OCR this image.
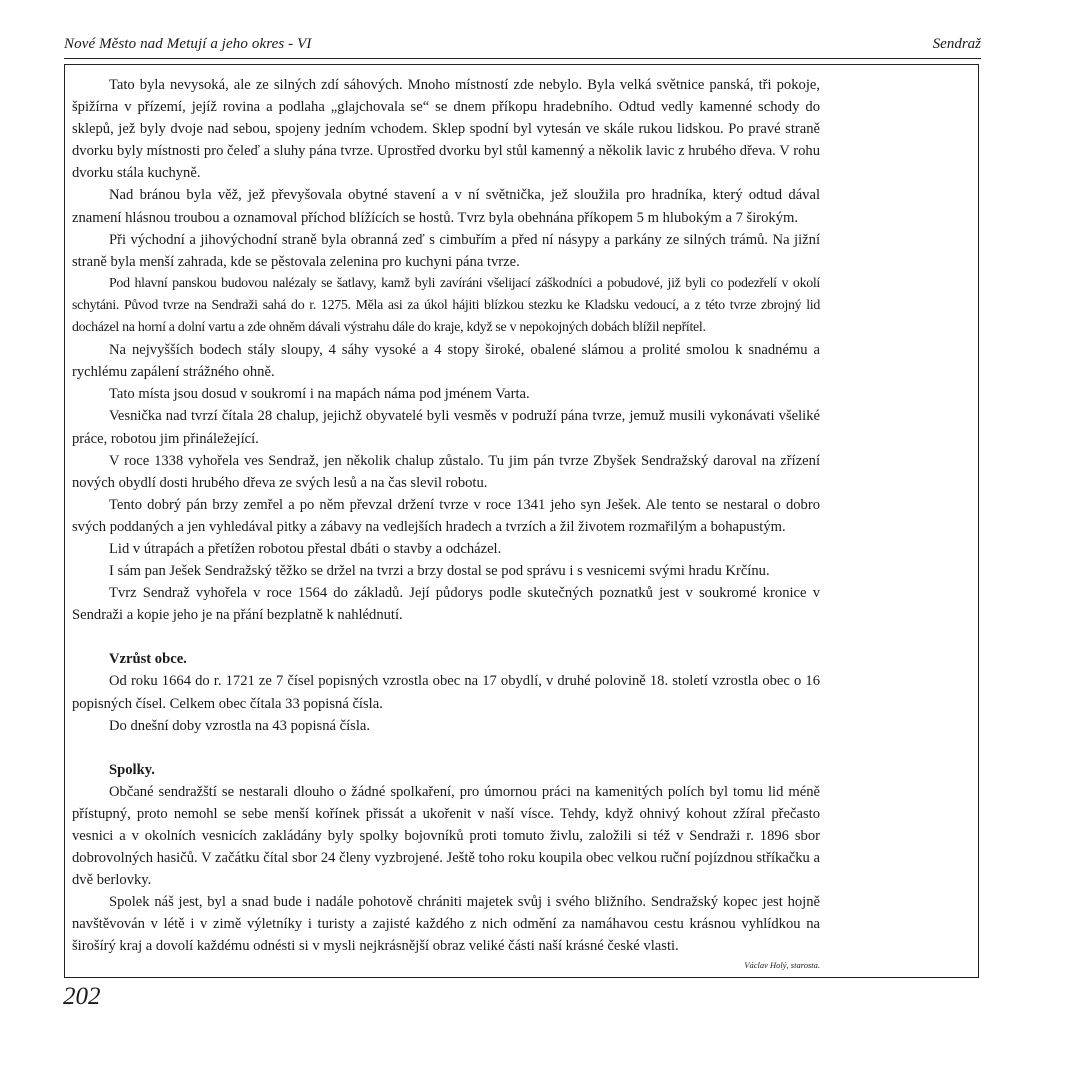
Nové Město nad Metují a jeho okres - VI	Sendraž

Tato byla nevysoká, ale ze silných zdí sáhových. Mnoho místností zde nebylo. Byla velká světnice panská, tři pokoje, špižírna v přízemí, jejíž rovina a podlaha „glajchovala se“ se dnem příkopu hradebního. Odtud vedly kamenné schody do sklepů, jež byly dvoje nad sebou, spojeny jedním vchodem. Sklep spodní byl vytesán ve skále rukou lidskou. Po pravé straně dvorku byly místnosti pro čeleď a sluhy pána tvrze. Uprostřed dvorku byl stůl kamenný a několik lavic z hrubého dřeva. V rohu dvorku stála kuchyně.

Nad bránou byla věž, jež převyšovala obytné stavení a v ní světnička, jež sloužila pro hradníka, který odtud dával znamení hlásnou troubou a oznamoval příchod blížících se hostů. Tvrz byla obehnána příkopem 5 m hlubokým a 7 širokým.

Při východní a jihovýchodní straně byla obranná zeď s cimbuřím a před ní násypy a parkány ze silných trámů. Na jižní straně byla menší zahrada, kde se pěstovala zelenina pro kuchyni pána tvrze.

Pod hlavní panskou budovou nalézaly se šatlavy, kamž byli zavíráni všelijací záškodníci a pobudové, již byli co podezřelí v okolí schytáni. Původ tvrze na Sendraži sahá do r. 1275. Měla asi za úkol hájiti blízkou stezku ke Kladsku vedoucí, a z této tvrze zbrojný lid docházel na horní a dolní vartu a zde ohněm dávali výstrahu dále do kraje, když se v nepokojných dobách blížil nepřítel.

Na nejvyšších bodech stály sloupy, 4 sáhy vysoké a 4 stopy široké, obalené slámou a prolité smolou k snadnému a rychlému zapálení strážného ohně.

Tato místa jsou dosud v soukromí i na mapách náma pod jménem Varta.

Vesnička nad tvrzí čítala 28 chalup, jejichž obyvatelé byli vesměs v podruží pána tvrze, jemuž musili vykonávati všeliké práce, robotou jim přináležející.

V roce 1338 vyhořela ves Sendraž, jen několik chalup zůstalo. Tu jim pán tvrze Zbyšek Sendražský daroval na zřízení nových obydlí dosti hrubého dřeva ze svých lesů a na čas slevil robotu.

Tento dobrý pán brzy zemřel a po něm převzal držení tvrze v roce 1341 jeho syn Ješek. Ale tento se nestaral o dobro svých poddaných a jen vyhledával pitky a zábavy na vedlejších hradech a tvrzích a žil životem rozmařilým a bohapustým.

Lid v útrapách a přetížen robotou přestal dbáti o stavby a odcházel.

I sám pan Ješek Sendražský těžko se držel na tvrzi a brzy dostal se pod správu i s vesnicemi svými hradu Krčínu.

Tvrz Sendraž vyhořela v roce 1564 do základů. Její půdorys podle skutečných poznatků jest v soukromé kronice v Sendraži a kopie jeho je na přání bezplatně k nahlédnutí.

Vzrůst obce.

Od roku 1664 do r. 1721 ze 7 čísel popisných vzrostla obec na 17 obydlí, v druhé polovině 18. století vzrostla obec o 16 popisných čísel. Celkem obec čítala 33 popisná čísla.

Do dnešní doby vzrostla na 43 popisná čísla.

Spolky.

Občané sendražští se nestarali dlouho o žádné spolkaření, pro úmornou práci na kamenitých polích byl tomu lid méně přístupný, proto nemohl se sebe menší kořínek přissát a ukořenit v naší vísce. Tehdy, když ohnivý kohout zžíral přečasto vesnici a v okolních vesnicích zakládány byly spolky bojovníků proti tomuto živlu, založili si též v Sendraži r. 1896 sbor dobrovolných hasičů. V začátku čítal sbor 24 členy vyzbrojené. Ještě toho roku koupila obec velkou ruční pojízdnou stříkačku a dvě berlovky.

Spolek náš jest, byl a snad bude i nadále pohotově chrániti majetek svůj i svého bližního. Sendražský kopec jest hojně navštěvován v létě i v zimě výletníky i turisty a zajisté každého z nich odmění za namáhavou cestu krásnou vyhlídkou na širošírý kraj a dovolí každému odnésti si v mysli nejkrásnější obraz veliké části naší krásné české vlasti.

Václav Holý, starosta.
202
